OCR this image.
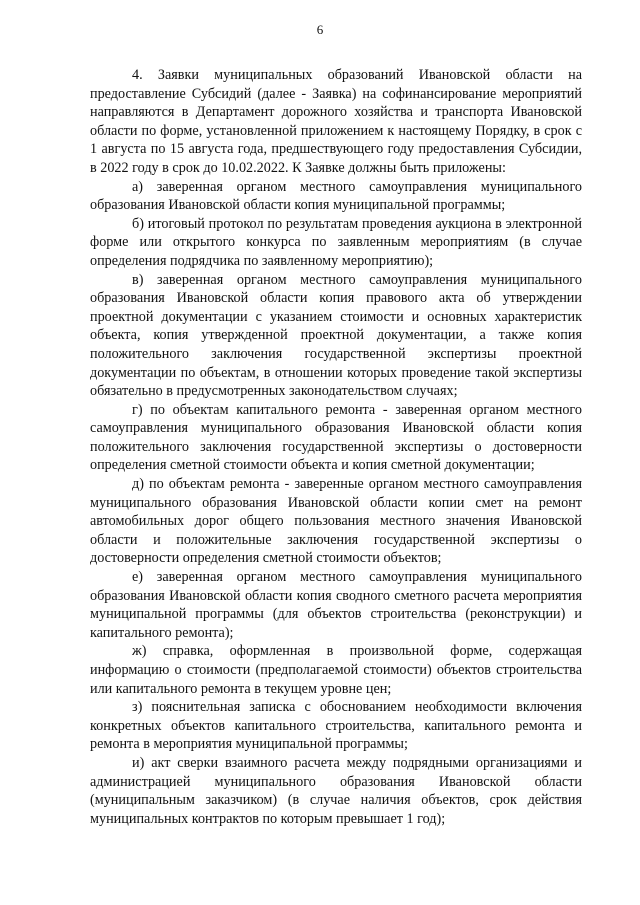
6

4. Заявки муниципальных образований Ивановской области на предоставление Субсидий (далее - Заявка) на софинансирование мероприятий направляются в Департамент дорожного хозяйства и транспорта Ивановской области по форме, установленной приложением к настоящему Порядку, в срок с 1 августа по 15 августа года, предшествующего году предоставления Субсидии, в 2022 году в срок до 10.02.2022. К Заявке должны быть приложены:

а) заверенная органом местного самоуправления муниципального образования Ивановской области копия муниципальной программы;

б) итоговый протокол по результатам проведения аукциона в электронной форме или открытого конкурса по заявленным мероприятиям (в случае определения подрядчика по заявленному мероприятию);

в) заверенная органом местного самоуправления муниципального образования Ивановской области копия правового акта об утверждении проектной документации с указанием стоимости и основных характеристик объекта, копия утвержденной проектной документации, а также копия положительного заключения государственной экспертизы проектной документации по объектам, в отношении которых проведение такой экспертизы обязательно в предусмотренных законодательством случаях;

г) по объектам капитального ремонта - заверенная органом местного самоуправления муниципального образования Ивановской области копия положительного заключения государственной экспертизы о достоверности определения сметной стоимости объекта и копия сметной документации;

д) по объектам ремонта - заверенные органом местного самоуправления муниципального образования Ивановской области копии смет на ремонт автомобильных дорог общего пользования местного значения Ивановской области и положительные заключения государственной экспертизы о достоверности определения сметной стоимости объектов;

е) заверенная органом местного самоуправления муниципального образования Ивановской области копия сводного сметного расчета мероприятия муниципальной программы (для объектов строительства (реконструкции) и капитального ремонта);

ж) справка, оформленная в произвольной форме, содержащая информацию о стоимости (предполагаемой стоимости) объектов строительства или капитального ремонта в текущем уровне цен;

з) пояснительная записка с обоснованием необходимости включения конкретных объектов капитального строительства, капитального ремонта и ремонта в мероприятия муниципальной программы;

и) акт сверки взаимного расчета между подрядными организациями и администрацией муниципального образования Ивановской области (муниципальным заказчиком) (в случае наличия объектов, срок действия муниципальных контрактов по которым превышает 1 год);
